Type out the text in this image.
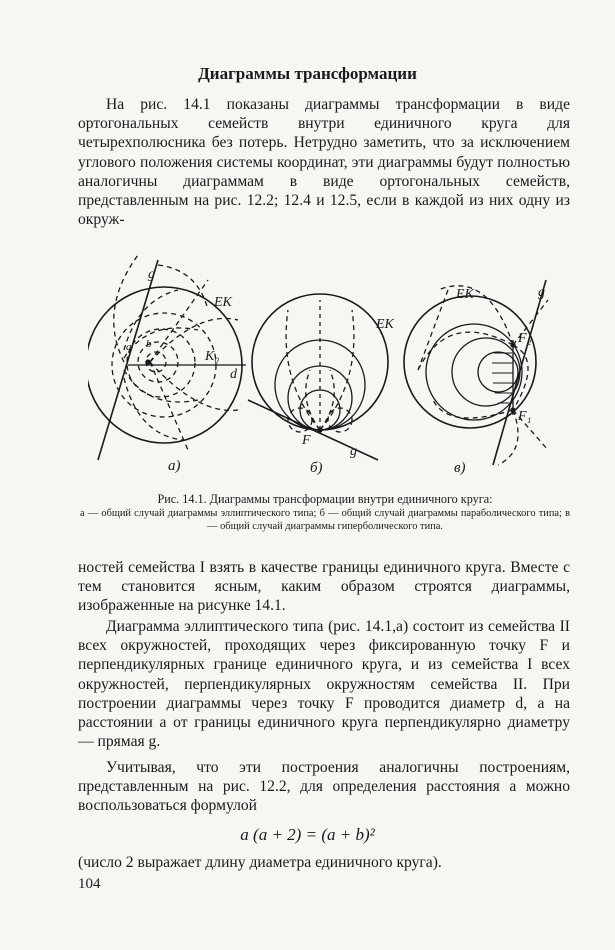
Диаграммы трансформации

На рис. 14.1 показаны диаграммы трансформации в виде ортогональных семейств внутри единичного круга для четырехполюсника без потерь. Нетрудно заметить, что за исключением углового положения системы координат, эти диаграммы будут полностью аналогичны диаграммам в виде ортогональных семейств, представленным на рис. 12.2; 12.4 и 12.5, если в каждой из них одну из окруж-

g
EK
K₀
d
a b
а)
EK
F
g
б)
EK	g
F₂
F₁
в)
Рис. 14.1. Диаграммы трансформации внутри единичного круга:
а — общий случай диаграммы эллиптического типа; б — общий случай диаграммы параболического типа; в — общий случай диаграммы гиперболического типа.

ностей семейства I взять в качестве границы единичного круга. Вместе с тем становится ясным, каким образом строятся диаграммы, изображенные на рисунке 14.1.

Диаграмма эллиптического типа (рис. 14.1,а) состоит из семейства II всех окружностей, проходящих через фиксированную точку F и перпендикулярных границе единичного круга, и из семейства I всех окружностей, перпендикулярных окружностям семейства II. При построении диаграммы через точку F проводится диаметр d, а на расстоянии а от границы единичного круга перпендикулярно диаметру — прямая g.

Учитывая, что эти построения аналогичны построениям, представленным на рис. 12.2, для определения расстояния а можно воспользоваться формулой

a (a + 2) = (a + b)²

(число 2 выражает длину диаметра единичного круга).

104
